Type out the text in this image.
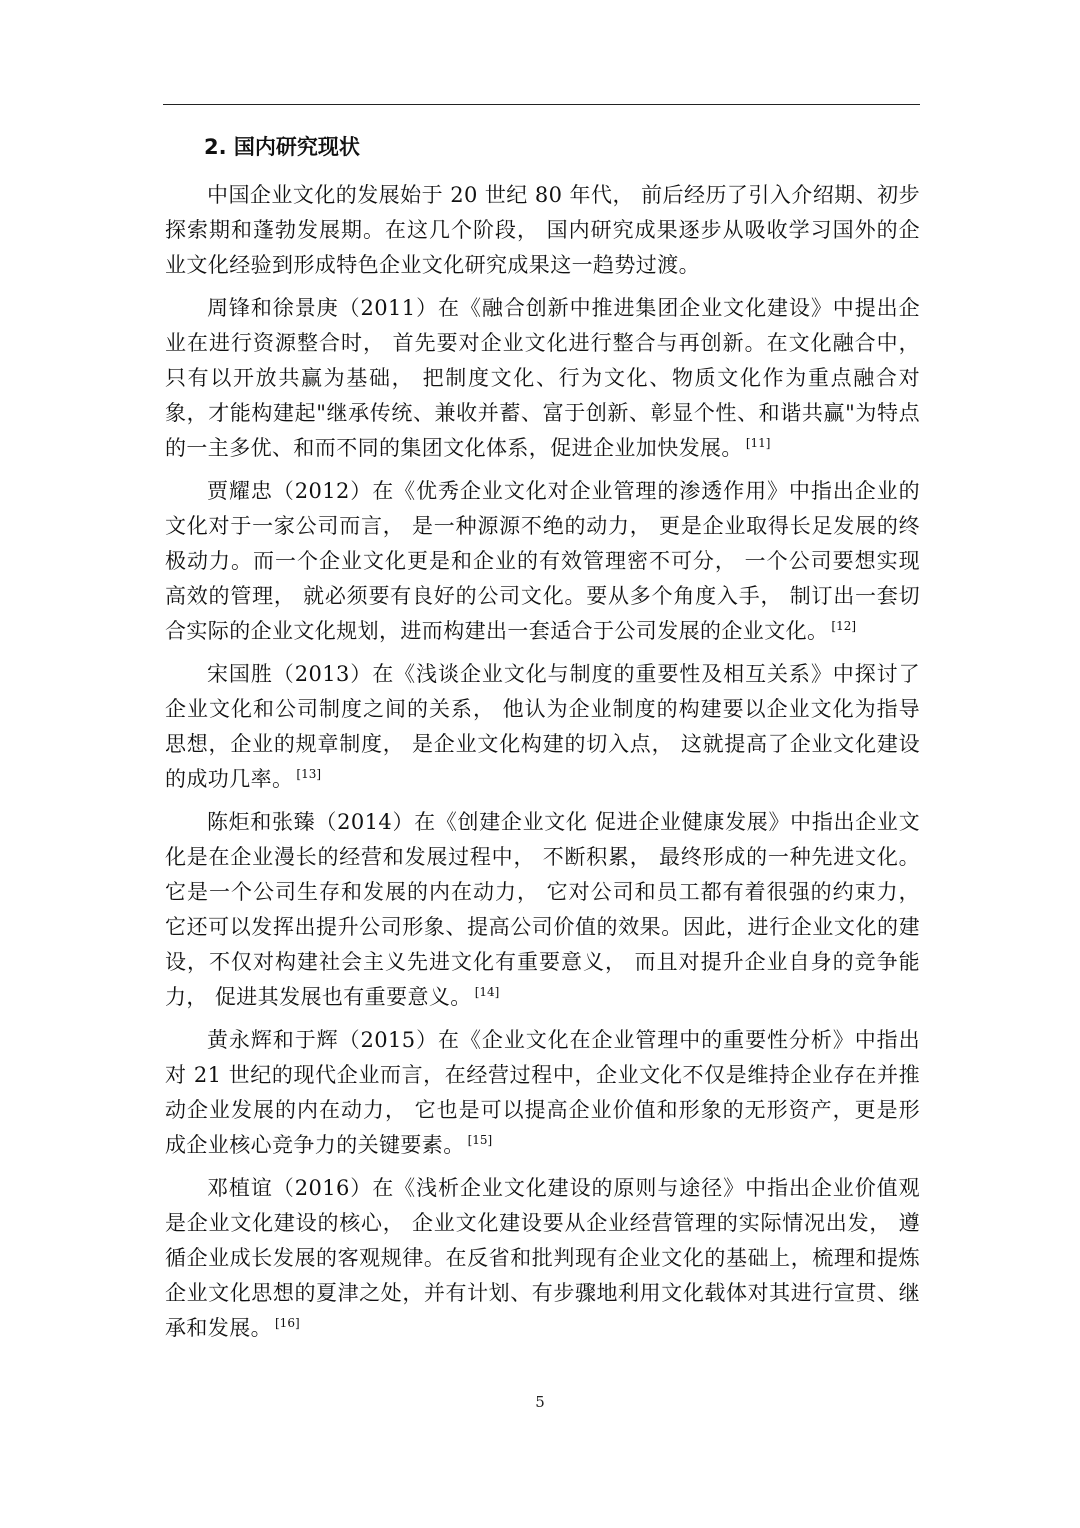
2. 国内研究现状

中国企业文化的发展始于 20 世纪 80 年代， 前后经历了引入介绍期、初步探索期和蓬勃发展期。在这几个阶段， 国内研究成果逐步从吸收学习国外的企业文化经验到形成特色企业文化研究成果这一趋势过渡。

周锋和徐景庚（2011）在《融合创新中推进集团企业文化建设》中提出企业在进行资源整合时， 首先要对企业文化进行整合与再创新。在文化融合中， 只有以开放共赢为基础， 把制度文化、行为文化、物质文化作为重点融合对象，才能构建起"继承传统、兼收并蓄、富于创新、彰显个性、和谐共赢"为特点的一主多优、和而不同的集团文化体系，促进企业加快发展。 [11]

贾耀忠（2012）在《优秀企业文化对企业管理的渗透作用》中指出企业的文化对于一家公司而言， 是一种源源不绝的动力， 更是企业取得长足发展的终极动力。而一个企业文化更是和企业的有效管理密不可分， 一个公司要想实现高效的管理， 就必须要有良好的公司文化。要从多个角度入手， 制订出一套切合实际的企业文化规划，进而构建出一套适合于公司发展的企业文化。 [12]

宋国胜（2013）在《浅谈企业文化与制度的重要性及相互关系》中探讨了企业文化和公司制度之间的关系， 他认为企业制度的构建要以企业文化为指导思想，企业的规章制度， 是企业文化构建的切入点， 这就提高了企业文化建设的成功几率。 [13]

陈炬和张臻（2014）在《创建企业文化 促进企业健康发展》中指出企业文化是在企业漫长的经营和发展过程中， 不断积累， 最终形成的一种先进文化。它是一个公司生存和发展的内在动力， 它对公司和员工都有着很强的约束力， 它还可以发挥出提升公司形象、提高公司价值的效果。因此，进行企业文化的建设，不仅对构建社会主义先进文化有重要意义， 而且对提升企业自身的竞争能力， 促进其发展也有重要意义。 [14]

黄永辉和于辉（2015）在《企业文化在企业管理中的重要性分析》中指出对 21 世纪的现代企业而言，在经营过程中，企业文化不仅是维持企业存在并推动企业发展的内在动力， 它也是可以提高企业价值和形象的无形资产，更是形成企业核心竞争力的关键要素。 [15]

邓植谊（2016）在《浅析企业文化建设的原则与途径》中指出企业价值观是企业文化建设的核心， 企业文化建设要从企业经营管理的实际情况出发， 遵循企业成长发展的客观规律。在反省和批判现有企业文化的基础上，梳理和提炼企业文化思想的夏津之处，并有计划、有步骤地利用文化载体对其进行宣贯、继承和发展。 [16]

5
